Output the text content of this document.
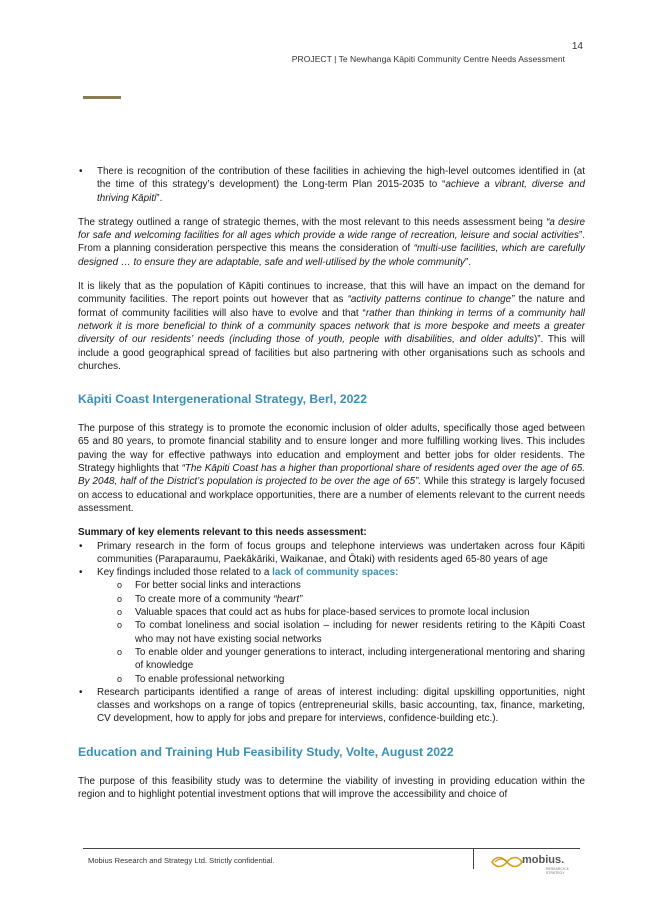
14
PROJECT | Te Newhanga Kāpiti Community Centre Needs Assessment
• There is recognition of the contribution of these facilities in achieving the high-level outcomes identified in (at the time of this strategy’s development) the Long-term Plan 2015-2035 to “achieve a vibrant, diverse and thriving Kāpiti”.

The strategy outlined a range of strategic themes, with the most relevant to this needs assessment being “a desire for safe and welcoming facilities for all ages which provide a wide range of recreation, leisure and social activities”. From a planning consideration perspective this means the consideration of “multi-use facilities, which are carefully designed … to ensure they are adaptable, safe and well-utilised by the whole community”.

It is likely that as the population of Kāpiti continues to increase, that this will have an impact on the demand for community facilities. The report points out however that as “activity patterns continue to change” the nature and format of community facilities will also have to evolve and that “rather than thinking in terms of a community hall network it is more beneficial to think of a community spaces network that is more bespoke and meets a greater diversity of our residents’ needs (including those of youth, people with disabilities, and older adults)”. This will include a good geographical spread of facilities but also partnering with other organisations such as schools and churches.

Kāpiti Coast Intergenerational Strategy, Berl, 2022

The purpose of this strategy is to promote the economic inclusion of older adults, specifically those aged between 65 and 80 years, to promote financial stability and to ensure longer and more fulfilling working lives. This includes paving the way for effective pathways into education and employment and better jobs for older residents. The Strategy highlights that “The Kāpiti Coast has a higher than proportional share of residents aged over the age of 65. By 2048, half of the District’s population is projected to be over the age of 65”. While this strategy is largely focused on access to educational and workplace opportunities, there are a number of elements relevant to the current needs assessment.

Summary of key elements relevant to this needs assessment:
• Primary research in the form of focus groups and telephone interviews was undertaken across four Kāpiti communities (Paraparaumu, Paekākāriki, Waikanae, and Ōtaki) with residents aged 65-80 years of age
• Key findings included those related to a lack of community spaces:
o For better social links and interactions
o To create more of a community “heart”
o Valuable spaces that could act as hubs for place-based services to promote local inclusion
o To combat loneliness and social isolation – including for newer residents retiring to the Kāpiti Coast who may not have existing social networks
o To enable older and younger generations to interact, including intergenerational mentoring and sharing of knowledge
o To enable professional networking
• Research participants identified a range of areas of interest including: digital upskilling opportunities, night classes and workshops on a range of topics (entrepreneurial skills, basic accounting, tax, finance, marketing, CV development, how to apply for jobs and prepare for interviews, confidence-building etc.).
Education and Training Hub Feasibility Study, Volte, August 2022

The purpose of this feasibility study was to determine the viability of investing in providing education within the region and to highlight potential investment options that will improve the accessibility and choice of

Mobius Research and Strategy Ltd. Strictly confidential.	mobius.
RESEARCH & STRATEGY
